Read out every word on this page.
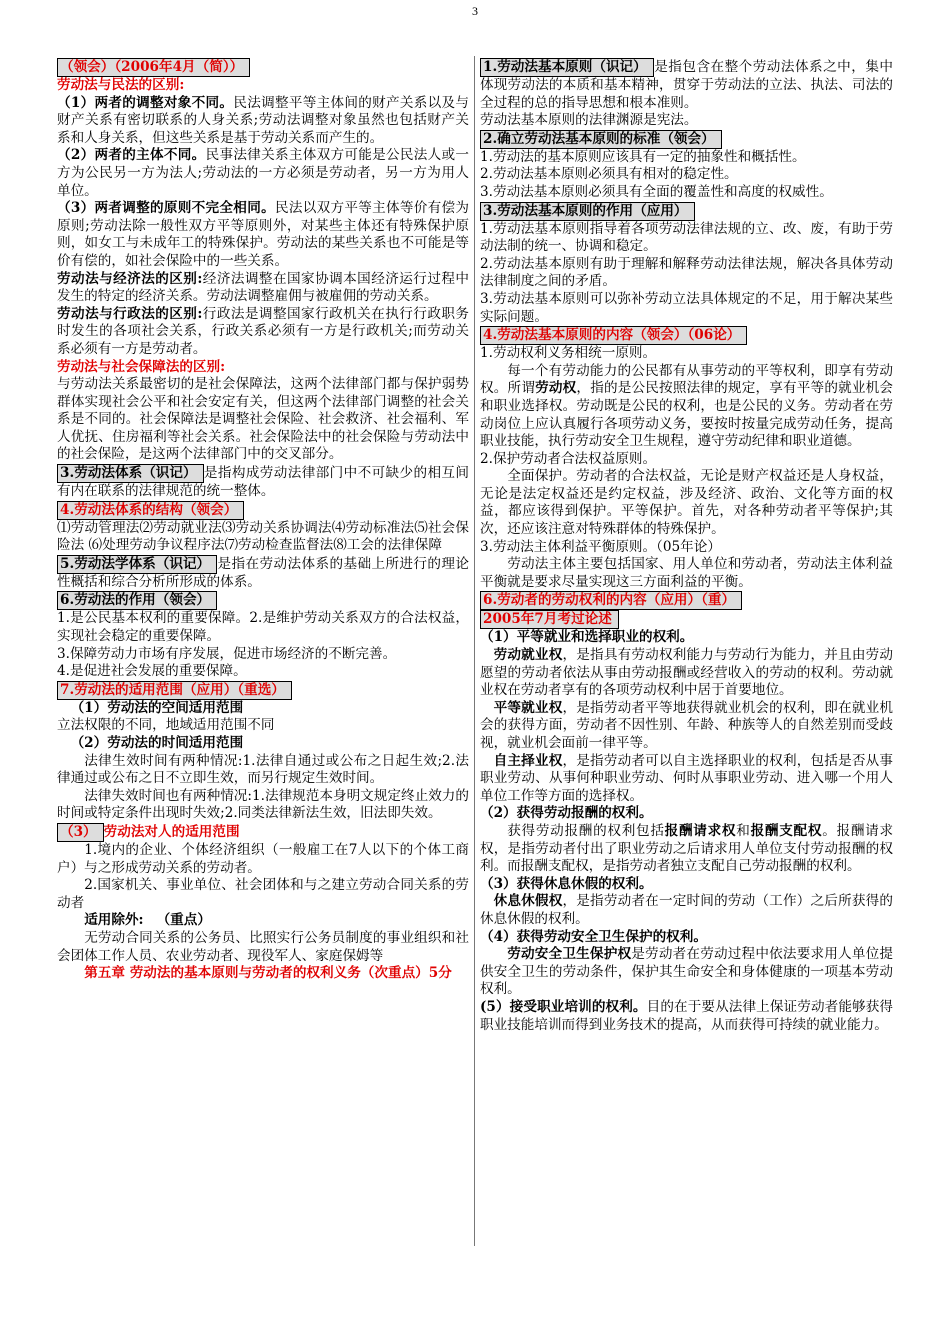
3

（领会）（2006年4月（简））

劳动法与民法的区别:

（1）两者的调整对象不同。民法调整平等主体间的财产关系以及与财产关系有密切联系的人身关系;劳动法调整对象虽然也包括财产关系和人身关系，但这些关系是基于劳动关系而产生的。

（2）两者的主体不同。民事法律关系主体双方可能是公民法人或一方为公民另一方为法人;劳动法的一方必须是劳动者，另一方为用人单位。

（3）两者调整的原则不完全相同。民法以双方平等主体等价有偿为原则;劳动法除一般性双方平等原则外，对某些主体还有特殊保护原则，如女工与未成年工的特殊保护。劳动法的某些关系也不可能是等价有偿的，如社会保险中的一些关系。

劳动法与经济法的区别:经济法调整在国家协调本国经济运行过程中发生的特定的经济关系。劳动法调整雇佣与被雇佣的劳动关系。

劳动法与行政法的区别:行政法是调整国家行政机关在执行行政职务时发生的各项社会关系，行政关系必须有一方是行政机关;而劳动关系必须有一方是劳动者。

劳动法与社会保障法的区别:

与劳动法关系最密切的是社会保障法，这两个法律部门都与保护弱势群体实现社会公平和社会安定有关，但这两个法律部门调整的社会关系是不同的。社会保障法是调整社会保险、社会救济、社会福利、军人优抚、住房福利等社会关系。社会保险法中的社会保险与劳动法中的社会保险，是这两个法律部门中的交叉部分。

3.劳动法体系（识记） 是指构成劳动法律部门中不可缺少的相互间有内在联系的法律规范的统一整体。

4.劳动法体系的结构（领会）

⑴劳动管理法⑵劳动就业法⑶劳动关系协调法⑷劳动标准法⑸社会保险法 ⑹处理劳动争议程序法⑺劳动检查监督法⑻工会的法律保障

5.劳动法学体系（识记） 是指在劳动法体系的基础上所进行的理论性概括和综合分析所形成的体系。

6.劳动法的作用（领会）

1.是公民基本权利的重要保障。2.是维护劳动关系双方的合法权益，实现社会稳定的重要保障。

3.保障劳动力市场有序发展，促进市场经济的不断完善。

4.是促进社会发展的重要保障。

7.劳动法的适用范围（应用）（重选）

（1）劳动法的空间适用范围

立法权限的不同，地域适用范围不同

（2）劳动法的时间适用范围

法律生效时间有两种情况:1.法律自通过或公布之日起生效;2.法律通过或公布之日不立即生效，而另行规定生效时间。

法律失效时间也有两种情况:1.法律规范本身明文规定终止效力的时间或特定条件出现时失效;2.同类法律新法生效，旧法即失效。

（3） 劳动法对人的适用范围

1.境内的企业、个体经济组织（一般雇工在7人以下的个体工商户）与之形成劳动关系的劳动者。

2.国家机关、事业单位、社会团体和与之建立劳动合同关系的劳动者

适用除外: （重点）

无劳动合同关系的公务员、比照实行公务员制度的事业组织和社会团体工作人员、农业劳动者、现役军人、家庭保姆等

第五章 劳动法的基本原则与劳动者的权利义务（次重点）5分

1.劳动法基本原则（识记） 是指包含在整个劳动法体系之中，集中体现劳动法的本质和基本精神，贯穿于劳动法的立法、执法、司法的全过程的总的指导思想和根本准则。

劳动法基本原则的法律渊源是宪法。

2.确立劳动法基本原则的标准（领会）

1.劳动法的基本原则应该具有一定的抽象性和概括性。

2.劳动法基本原则必须具有相对的稳定性。

3.劳动法基本原则必须具有全面的覆盖性和高度的权威性。

3.劳动法基本原则的作用（应用）

1.劳动法基本原则指导着各项劳动法律法规的立、改、废，有助于劳动法制的统一、协调和稳定。

2.劳动法基本原则有助于理解和解释劳动法律法规，解决各具体劳动法律制度之间的矛盾。

3.劳动法基本原则可以弥补劳动立法具体规定的不足，用于解决某些实际问题。

4.劳动法基本原则的内容（领会）（06论）

1.劳动权利义务相统一原则。

每一个有劳动能力的公民都有从事劳动的平等权利，即享有劳动权。所谓劳动权，指的是公民按照法律的规定，享有平等的就业机会和职业选择权。劳动既是公民的权利，也是公民的义务。劳动者在劳动岗位上应认真履行各项劳动义务，要按时按量完成劳动任务，提高职业技能，执行劳动安全卫生规程，遵守劳动纪律和职业道德。

2.保护劳动者合法权益原则。

全面保护。劳动者的合法权益，无论是财产权益还是人身权益，无论是法定权益还是约定权益，涉及经济、政治、文化等方面的权益，都应该得到保护。平等保护。首先，对各种劳动者平等保护;其次，还应该注意对特殊群体的特殊保护。

3.劳动法主体利益平衡原则。（05年论）

劳动法主体主要包括国家、用人单位和劳动者，劳动法主体利益平衡就是要求尽量实现这三方面利益的平衡。

6.劳动者的劳动权利的内容（应用）（重）

2005年7月考过论述

（1）平等就业和选择职业的权利。

劳动就业权，是指具有劳动权利能力与劳动行为能力，并且由劳动愿望的劳动者依法从事由劳动报酬或经营收入的劳动的权利。劳动就业权在劳动者享有的各项劳动权利中居于首要地位。

平等就业权，是指劳动者平等地获得就业机会的权利，即在就业机会的获得方面，劳动者不因性别、年龄、种族等人的自然差别而受歧视，就业机会面前一律平等。

自主择业权，是指劳动者可以自主选择职业的权利，包括是否从事职业劳动、从事何种职业劳动、何时从事职业劳动、进入哪一个用人单位工作等方面的选择权。

（2）获得劳动报酬的权利。

获得劳动报酬的权利包括报酬请求权和报酬支配权。报酬请求权，是指劳动者付出了职业劳动之后请求用人单位支付劳动报酬的权利。而报酬支配权，是指劳动者独立支配自己劳动报酬的权利。

（3）获得休息休假的权利。

休息休假权，是指劳动者在一定时间的劳动（工作）之后所获得的休息休假的权利。

（4）获得劳动安全卫生保护的权利。

劳动安全卫生保护权是劳动者在劳动过程中依法要求用人单位提供安全卫生的劳动条件，保护其生命安全和身体健康的一项基本劳动权利。

(5）接受职业培训的权利。目的在于要从法律上保证劳动者能够获得职业技能培训而得到业务技术的提高，从而获得可持续的就业能力。
